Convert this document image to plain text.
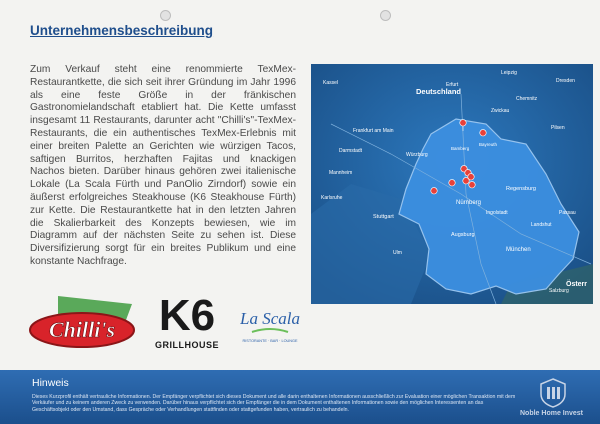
Unternehmensbeschreibung
Zum Verkauf steht eine renommierte TexMex-Restaurantkette, die sich seit ihrer Gründung im Jahr 1996 als eine feste Größe in der fränkischen Gastronomielandschaft etabliert hat. Die Kette umfasst insgesamt 11 Restaurants, darunter acht "Chilli's"-TexMex-Restaurants, die ein authentisches TexMex-Erlebnis mit einer breiten Palette an Gerichten wie würzigen Tacos, saftigen Burritos, herzhaften Fajitas und knackigen Nachos bieten. Darüber hinaus gehören zwei italienische Lokale (La Scala Fürth und PanOlio Zirndorf) sowie ein äußerst erfolgreiches Steakhouse (K6 Steakhouse Fürth) zur Kette. Die Restaurantkette hat in den letzten Jahren die Skalierbarkeit des Konzepts bewiesen, wie im Diagramm auf der nächsten Seite zu sehen ist. Diese Diversifizierung sorgt für ein breites Publikum und eine konstante Nachfrage.
Deutschland
Leipzig
Dresden
Erfurt
Chemnitz
Zwickau
Kassel
Frankfurt am Main
Darmstadt
Mannheim
Karlsruhe
Würzburg
Bamberg
Bayreuth
Nürnberg
Regensburg
Ingolstadt	Passau
Pilsen
Landshut
Stuttgart
Ulm
Augsburg
München
Salzburg
Österr
Chilli's K6
GRILLHOUSE
La Scala
RISTORANTE · BAR · LOUNGE
Hinweis
Dieses Kurzprofil enthält vertrauliche Informationen. Der Empfänger verpflichtet sich dieses Dokument und alle darin enthaltenen Informationen ausschließlich zur Evaluation einer möglichen Transaktion mit dem Verkäufer und zu keinem anderen Zweck zu verwenden. Darüber hinaus verpflichtet sich der Empfänger die in dem Dokument enthaltenen Informationen sowie den möglichen Interessenten an das Geschäftsobjekt oder den Umstand, dass Gespräche oder Verhandlungen stattfinden oder stattgefunden haben, vertraulich zu behandeln.
Noble Home Invest
